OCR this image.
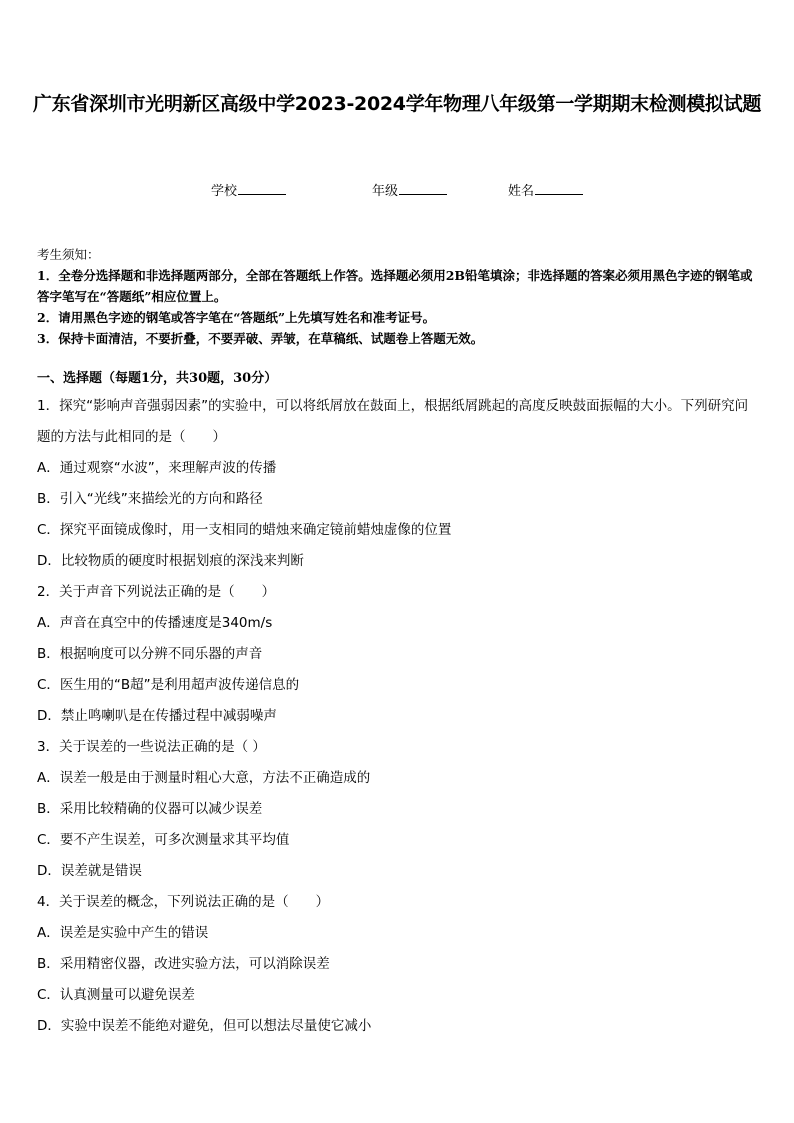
广东省深圳市光明新区高级中学2023-2024学年物理八年级第一学期期末检测模拟试题
学校	年级	姓名
考生须知：
1．全卷分选择题和非选择题两部分，全部在答题纸上作答。选择题必须用2B铅笔填涂；非选择题的答案必须用黑色字迹的钢笔或答字笔写在“答题纸”相应位置上。
2．请用黑色字迹的钢笔或答字笔在“答题纸”上先填写姓名和准考证号。
3．保持卡面清洁，不要折叠，不要弄破、弄皱，在草稿纸、试题卷上答题无效。
一、选择题（每题1分，共30题，30分）
1．探究“影响声音强弱因素”的实验中，可以将纸屑放在鼓面上，根据纸屑跳起的高度反映鼓面振幅的大小。下列研究问题的方法与此相同的是（　　）
A．通过观察“水波”，来理解声波的传播
B．引入“光线”来描绘光的方向和路径
C．探究平面镜成像时，用一支相同的蜡烛来确定镜前蜡烛虚像的位置
D．比较物质的硬度时根据划痕的深浅来判断
2．关于声音下列说法正确的是（　　）
A．声音在真空中的传播速度是340m/s
B．根据响度可以分辨不同乐器的声音
C．医生用的“B超”是利用超声波传递信息的
D．禁止鸣喇叭是在传播过程中减弱噪声
3．关于误差的一些说法正确的是（ ）
A．误差一般是由于测量时粗心大意，方法不正确造成的
B．采用比较精确的仪器可以减少误差
C．要不产生误差，可多次测量求其平均值
D．误差就是错误
4．关于误差的概念，下列说法正确的是（　　）
A．误差是实验中产生的错误
B．采用精密仪器，改进实验方法，可以消除误差
C．认真测量可以避免误差
D．实验中误差不能绝对避免，但可以想法尽量使它减小
